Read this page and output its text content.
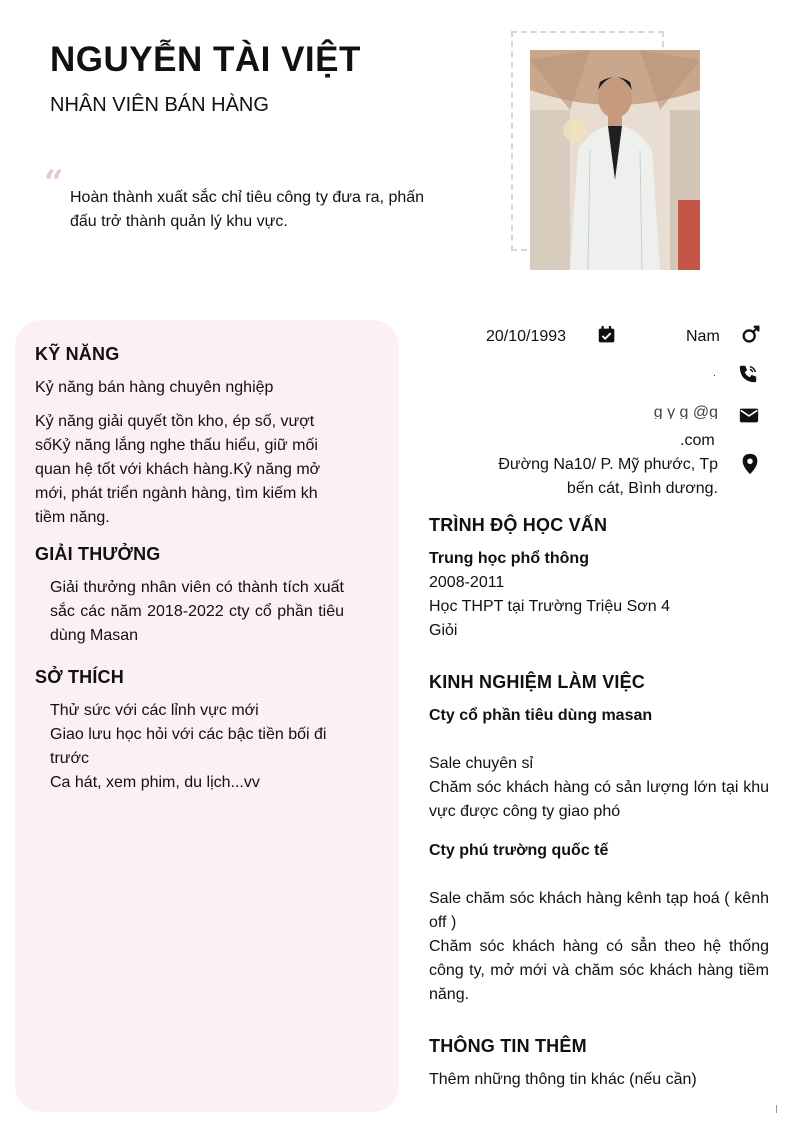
NGUYỄN TÀI VIỆT
NHÂN VIÊN BÁN HÀNG
“ Hoàn thành xuất sắc chỉ tiêu công ty đưa ra, phấn đấu trở thành quản lý khu vực.
KỸ NĂNG
Kỷ năng bán hàng chuyên nghiệp
Kỷ năng giải quyết tồn kho, ép số, vượt sốKỷ năng lắng nghe thấu hiểu, giữ mối quan hệ tốt với khách hàng.Kỷ năng mở mới, phát triển ngành hàng, tìm kiếm kh tiềm năng.
GIẢI THƯỞNG
Giải thưởng nhân viên có thành tích xuất sắc các năm 2018-2022 cty cổ phần tiêu dùng Masan
SỞ THÍCH
Thử sức với các lỉnh vực mới
Giao lưu học hỏi với các bậc tiền bối đi trước
Ca hát, xem phim, du lịch...vv
20/10/1993	Nam
.
g y g @g
.com
Đường Na10/ P. Mỹ phước, Tp
bến cát, Bình dương.
TRÌNH ĐỘ HỌC VẤN
Trung học phổ thông
2008-2011
Học THPT tại Trường Triệu Sơn 4
Giỏi
KINH NGHIỆM LÀM VIỆC
Cty cổ phần tiêu dùng masan
Sale chuyên sỉ
Chăm sóc khách hàng có sản lượng lớn tại khu vực được công ty giao phó
Cty phú trường quốc tế
Sale chăm sóc khách hàng kênh tạp hoá ( kênh off )
Chăm sóc khách hàng có sẳn theo hệ thống công ty, mở mới và chăm sóc khách hàng tiềm năng.
THÔNG TIN THÊM
Thêm những thông tin khác (nếu cần)
